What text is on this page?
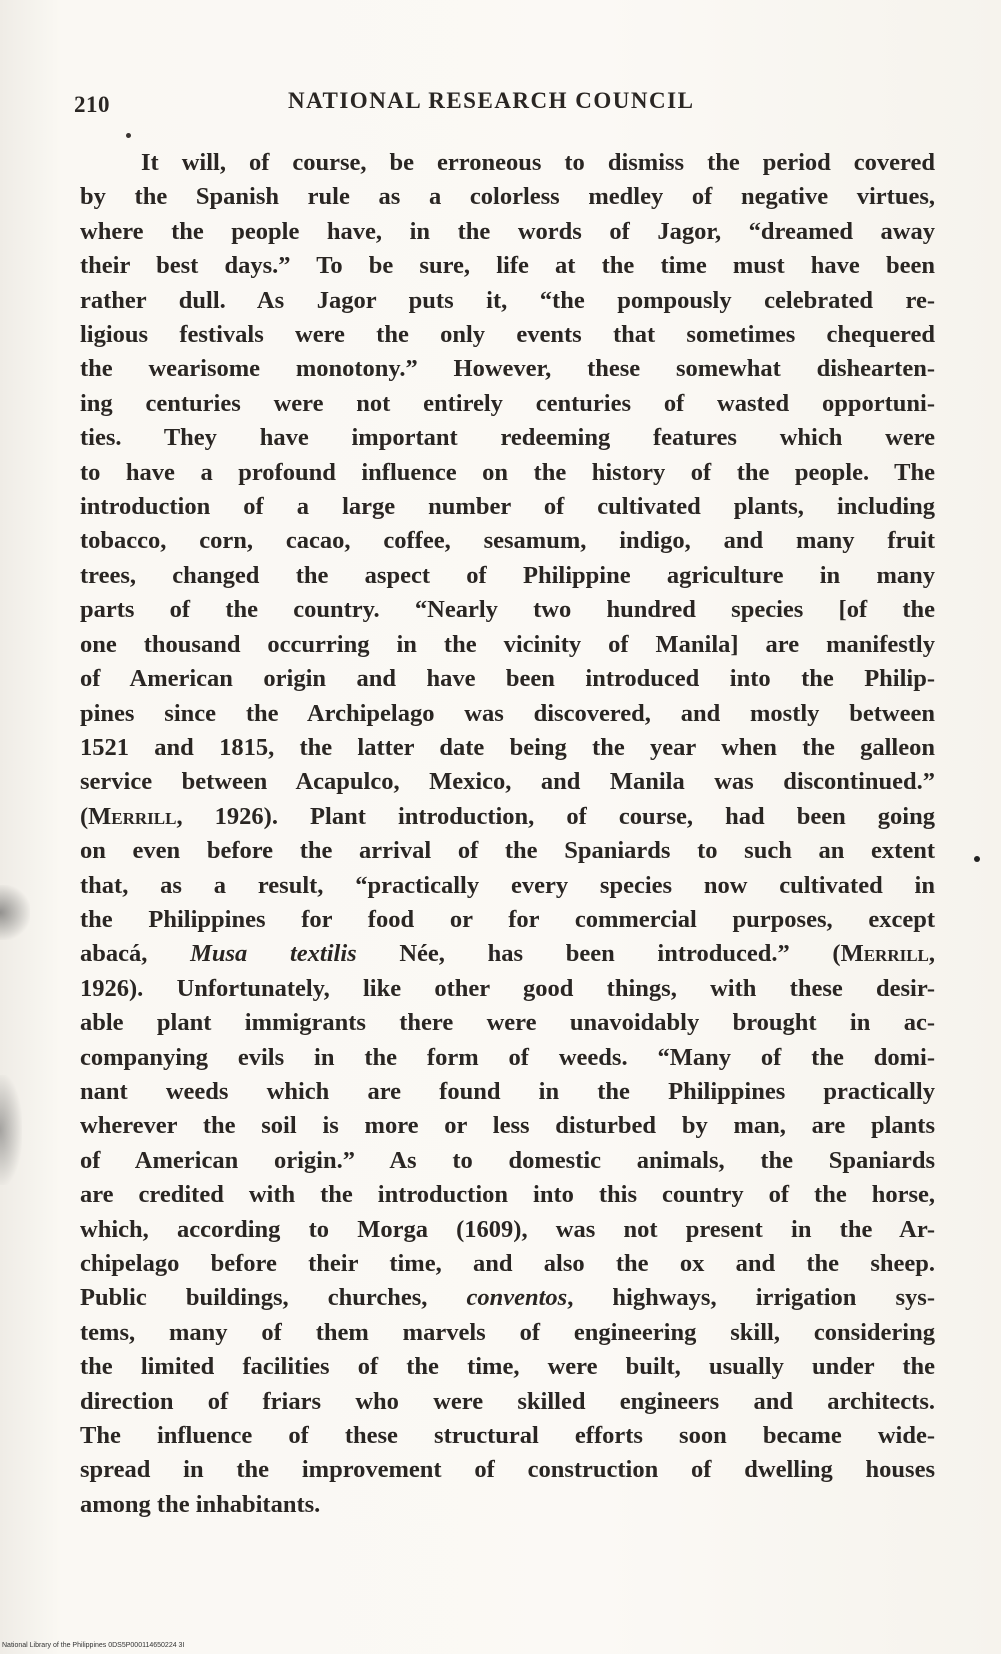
210	NATIONAL RESEARCH COUNCIL
It will, of course, be erroneous to dismiss the period covered
by the Spanish rule as a colorless medley of negative virtues,
where the people have, in the words of Jagor, “dreamed away
their best days.” To be sure, life at the time must have been
rather dull. As Jagor puts it, “the pompously celebrated re-
ligious festivals were the only events that sometimes chequered
the wearisome monotony.” However, these somewhat dishearten-
ing centuries were not entirely centuries of wasted opportuni-
ties. They have important redeeming features which were
to have a profound influence on the history of the people. The
introduction of a large number of cultivated plants, including
tobacco, corn, cacao, coffee, sesamum, indigo, and many fruit
trees, changed the aspect of Philippine agriculture in many
parts of the country. “Nearly two hundred species [of the
one thousand occurring in the vicinity of Manila] are manifestly
of American origin and have been introduced into the Philip-
pines since the Archipelago was discovered, and mostly between
1521 and 1815, the latter date being the year when the galleon
service between Acapulco, Mexico, and Manila was discontinued.”
(Merrill, 1926). Plant introduction, of course, had been going
on even before the arrival of the Spaniards to such an extent
that, as a result, “practically every species now cultivated in
the Philippines for food or for commercial purposes, except
abacá, Musa textilis Née, has been introduced.” (Merrill,
1926). Unfortunately, like other good things, with these desir-
able plant immigrants there were unavoidably brought in ac-
companying evils in the form of weeds. “Many of the domi-
nant weeds which are found in the Philippines practically
wherever the soil is more or less disturbed by man, are plants
of American origin.” As to domestic animals, the Spaniards
are credited with the introduction into this country of the horse,
which, according to Morga (1609), was not present in the Ar-
chipelago before their time, and also the ox and the sheep.
Public buildings, churches, conventos, highways, irrigation sys-
tems, many of them marvels of engineering skill, considering
the limited facilities of the time, were built, usually under the
direction of friars who were skilled engineers and architects.
The influence of these structural efforts soon became wide-
spread in the improvement of construction of dwelling houses
among the inhabitants.
National Library of the Philippines 0DS5P000114650224 3I
